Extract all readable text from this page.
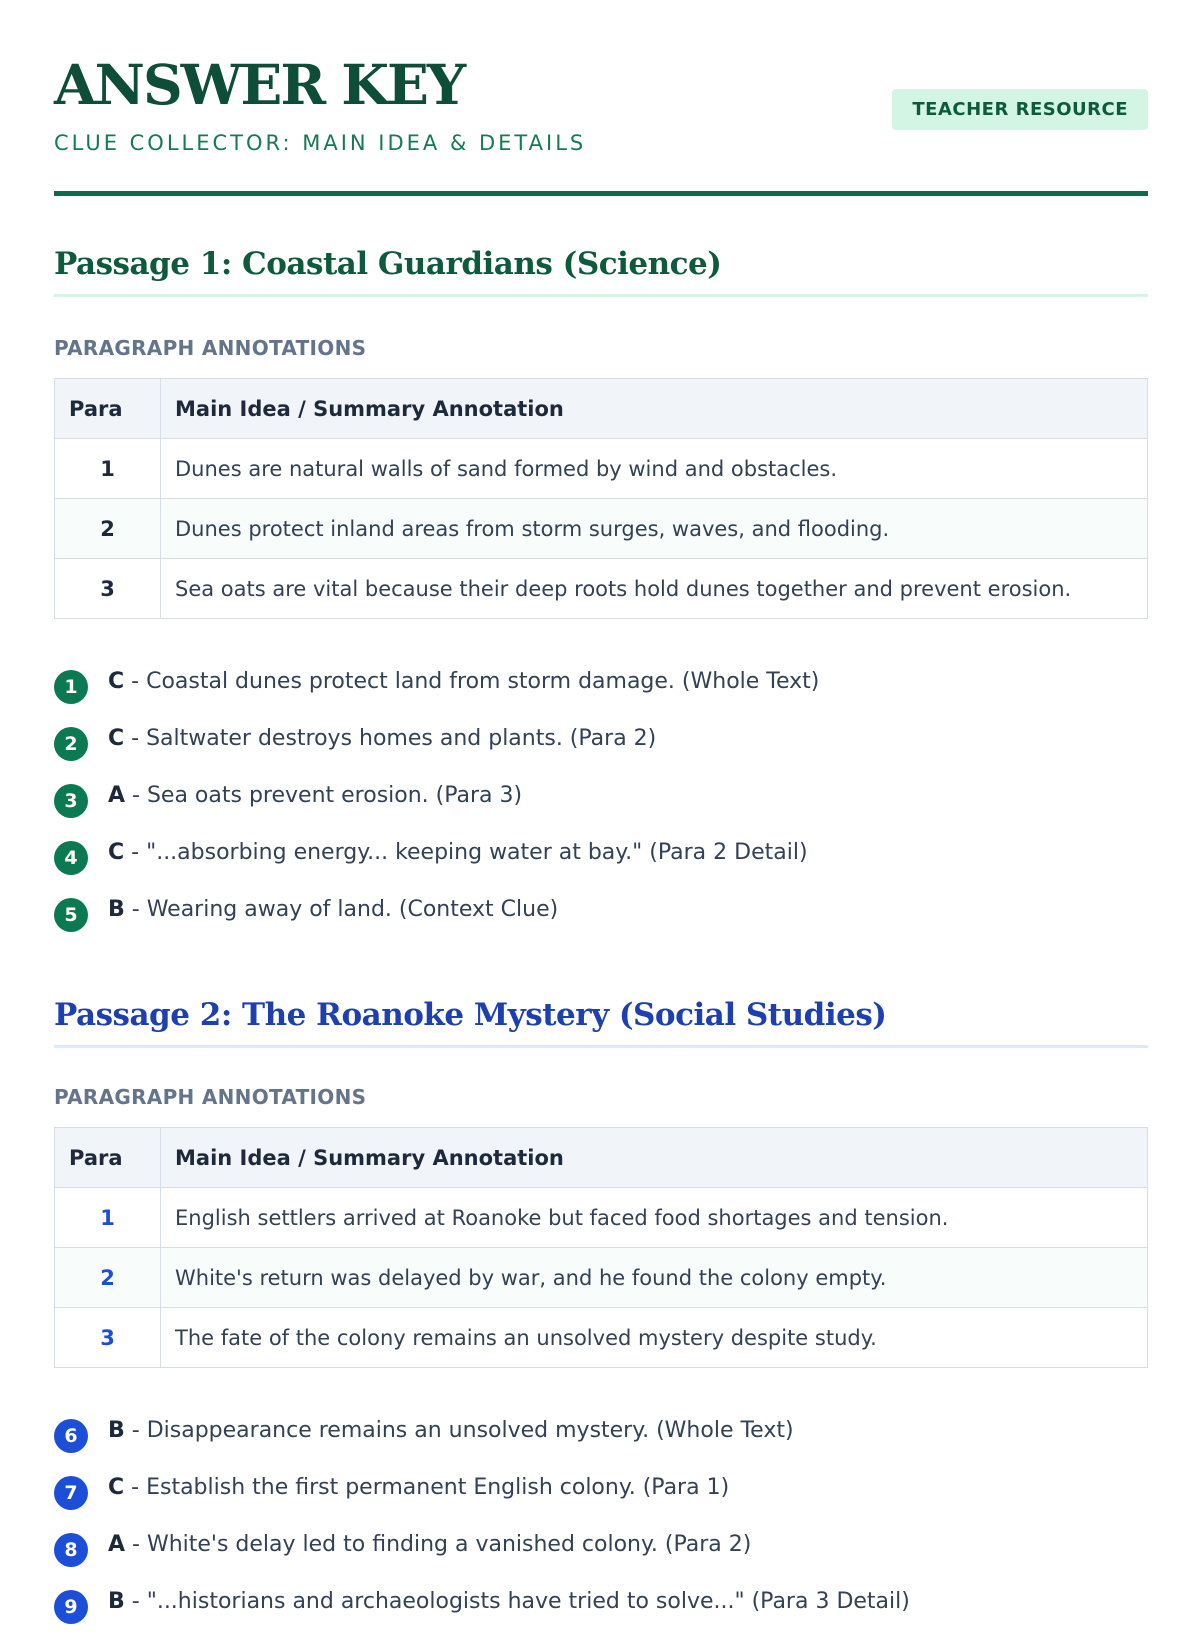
ANSWER KEY
CLUE COLLECTOR: MAIN IDEA & DETAILS
TEACHER RESOURCE
Passage 1: Coastal Guardians (Science)
PARAGRAPH ANNOTATIONS
Para	Main Idea / Summary Annotation
1	Dunes are natural walls of sand formed by wind and obstacles.
2	Dunes protect inland areas from storm surges, waves, and flooding.
3	Sea oats are vital because their deep roots hold dunes together and prevent erosion.
1	C - Coastal dunes protect land from storm damage. (Whole Text)
2	C - Saltwater destroys homes and plants. (Para 2)
3	A - Sea oats prevent erosion. (Para 3)
4	C - "...absorbing energy... keeping water at bay." (Para 2 Detail)
5	B - Wearing away of land. (Context Clue)
Passage 2: The Roanoke Mystery (Social Studies)
PARAGRAPH ANNOTATIONS
Para	Main Idea / Summary Annotation
1	English settlers arrived at Roanoke but faced food shortages and tension.
2	White's return was delayed by war, and he found the colony empty.
3	The fate of the colony remains an unsolved mystery despite study.
6	B - Disappearance remains an unsolved mystery. (Whole Text)
7	C - Establish the first permanent English colony. (Para 1)
8	A - White's delay led to finding a vanished colony. (Para 2)
9	B - "...historians and archaeologists have tried to solve..." (Para 3 Detail)
